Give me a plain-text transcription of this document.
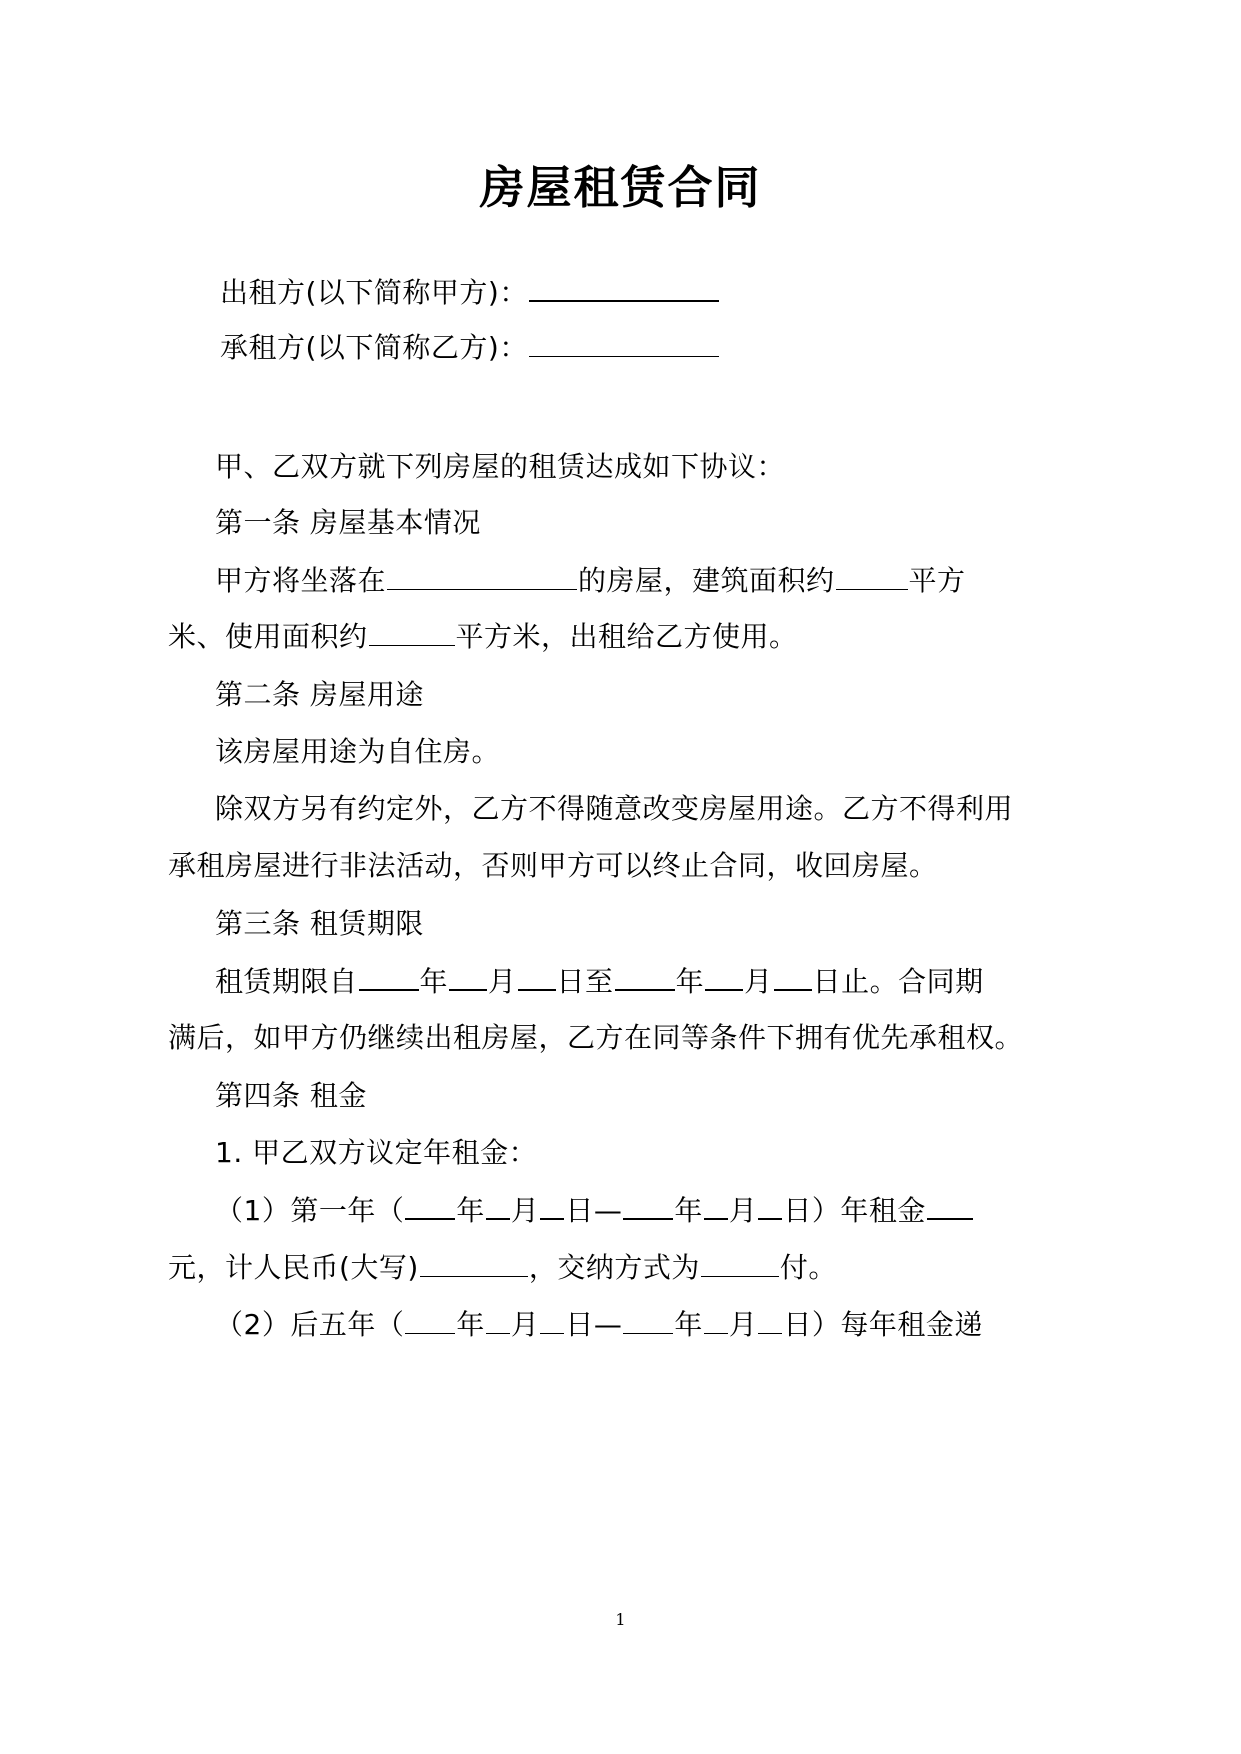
房屋租赁合同
出租方(以下简称甲方)：
承租方(以下简称乙方)：
甲、乙双方就下列房屋的租赁达成如下协议：
第一条 房屋基本情况
甲方将坐落在	的房屋，建筑面积约	平方
米、使用面积约	平方米，出租给乙方使用。
第二条 房屋用途
该房屋用途为自住房。
除双方另有约定外，乙方不得随意改变房屋用途。乙方不得利用
承租房屋进行非法活动，否则甲方可以终止合同，收回房屋。
第三条 租赁期限
租赁期限自 年 月 日至 年 月 日止。合同期
满后，如甲方仍继续出租房屋，乙方在同等条件下拥有优先承租权。
第四条 租金
1. 甲乙双方议定年租金：
（1）第一年（ 年 月 日— 年 月 日）年租金
元，计人民币(大写)	，交纳方式为	付。
（2）后五年（ 年 月 日— 年 月 日）每年租金递
1
